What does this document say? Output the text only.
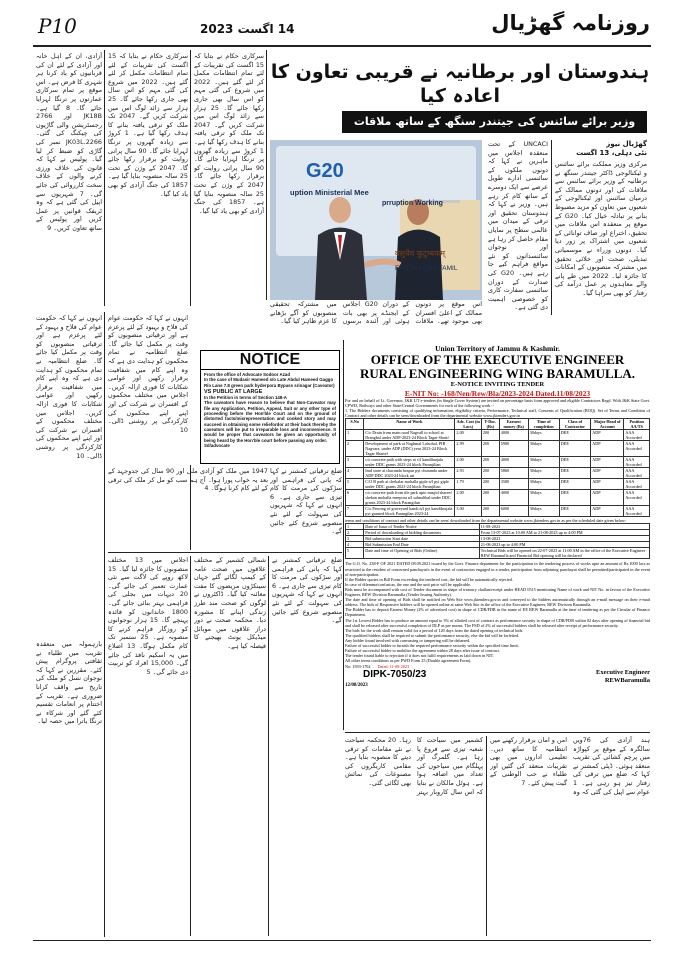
P10	14 اگست 2023	روزنامہ گھڑیال
آزادی، ان کے اہل خانہ اور آزادی کے لئے ان کی قربانیوں کو یاد کرنا ہر شہری کا فرض ہے۔ اس موقع پر تمام سرکاری عمارتوں پر ترنگا لہرایا جائے گا۔ 8 گیا ہے۔ JK18B اور 2766 رجسٹریشن والی گاڑیوں کی چیکنگ کی گئی۔ 2266.JK03L نمبر کی گاڑی کو ضبط کر لیا گیا۔ پولیس نے کہا کہ قانون کی خلاف ورزی کرنے والوں کے خلاف سخت کارروائی کی جائے گی۔ 7 شہریوں سے اپیل کی گئی ہے کہ وہ ٹریفک قوانین پر عمل کریں اور پولیس کے ساتھ تعاون کریں۔ 9
انہوں نے کہا کہ حکومت عوام کی فلاح و بہبود کے لئے پرعزم ہے اور ترقیاتی منصوبوں کو وقت پر مکمل کیا جائے گا۔ ضلع انتظامیہ نے تمام محکموں کو ہدایت دی ہے کہ وہ اپنے کام میں شفافیت برقرار رکھیں اور عوامی شکایات کا فوری ازالہ کریں۔ اجلاس میں مختلف محکموں کے افسران نے شرکت کی اور اپنے اپنے محکموں کی کارکردگی پر روشنی ڈالی۔ 10
بارہمولہ میں منعقدہ تقریب میں طلباء نے ثقافتی پروگرام پیش کئے۔ مقررین نے کہا کہ نوجوان نسل کو ملک کی تاریخ سے واقف کرانا ضروری ہے۔ تقریب کے اختتام پر انعامات تقسیم کئے گئے اور شرکاء نے ترنگا یاترا میں حصہ لیا۔
سرکاری حکام نے بتایا کہ 15 اگست کی تقریبات کے لئے تمام انتظامات مکمل کر لئے گئے ہیں۔ 2022 میں شروع کی گئی مہم کو اس سال بھی جاری رکھا جائے گا۔ 25 ہزار سے زائد لوگ اس میں شرکت کریں گے۔ 2047 تک ملک کو ترقی یافتہ بنانے کا ہدف رکھا گیا ہے۔ 1 کروڑ سے زیادہ گھروں پر ترنگا لہرایا جائے گا۔ 90 سال پرانی روایت کو برقرار رکھا جائے گا۔ 2047 کے وژن کے تحت 25 سالہ منصوبہ بنایا گیا ہے۔ 1857 کی جنگ آزادی کو بھی یاد کیا گیا۔
سرکاری حکام نے بتایا کہ 15 اگست کی تقریبات کے لئے تمام انتظامات مکمل کر لئے گئے ہیں۔ 2022 میں شروع کی گئی مہم کو اس سال بھی جاری رکھا جائے گا۔ 25 ہزار سے زائد لوگ اس میں شرکت کریں گے۔ 2047 تک ملک کو ترقی یافتہ بنانے کا ہدف رکھا گیا ہے۔ 1 کروڑ سے زیادہ گھروں پر ترنگا لہرایا جائے گا۔ 90 سال پرانی روایت کو برقرار رکھا جائے گا۔ 2047 کے وژن کے تحت 25 سالہ منصوبہ بنایا گیا ہے۔ 1857 کی جنگ آزادی کو بھی یاد کیا گیا۔
NOTICE
From the office of Advocate Sodoor Azad
In the case of Mudasir Hameed s/o Late Abdul Hameed Gaggo R/o Lane 7.8 green park hyderpora Bypass srinagar (Caveator)
VS PUBLIC AT LARGE
In the Petition in terms of Section 148-A
The caveators have reason to believe that Non-Caveator may file any Application, Petition, Appeal, Suit or any other type of proceeding before the Hon'ble Court and on the ground of distorted facts/misrepresentation and cooked story and may succeed in obtaining some reliefordor at their back thereby the caveators will be put to irreparable loss and inconvenience. It would be proper that caveators be given an opportunity of being heard by the Hon'ble court before passing any order.
Sd/advocate
انہوں نے کہا کہ حکومت عوام کی فلاح و بہبود کے لئے پرعزم ہے اور ترقیاتی منصوبوں کو وقت پر مکمل کیا جائے گا۔ ضلع انتظامیہ نے تمام محکموں کو ہدایت دی ہے کہ وہ اپنے کام میں شفافیت برقرار رکھیں اور عوامی شکایات کا فوری ازالہ کریں۔ اجلاس میں مختلف محکموں کے افسران نے شرکت کی اور اپنے اپنے محکموں کی کارکردگی پر روشنی ڈالی۔ 10
1947 میں ملک کو آزادی ملی اور 90 سال کی جدوجہد کے بعد یہ خواب پورا ہوا۔ آج ہم سب کو مل کر ملک کی ترقی کے لئے کام کرنا ہوگا۔ 4
ضلع ترقیاتی کمشنر نے کہا کہ پانی کی فراہمی اور سڑکوں کی مرمت کا کام تیزی سے جاری ہے۔ 6 انہوں نے کہا کہ شہریوں کی سہولت کے لئے نئے منصوبے شروع کئے جائیں گے۔
اجلاس میں 13 مختلف منصوبوں کا جائزہ لیا گیا۔ 15 لاکھ روپے کی لاگت سے نئی عمارت تعمیر کی جائے گی۔ 20 دیہات میں بجلی کی فراہمی بہتر بنائی جائے گی۔ 1800 خاندانوں کو فائدہ پہنچے گا۔ 15 ہزار نوجوانوں کو روزگار فراہم کرنے کا منصوبہ ہے۔ 25 ستمبر تک کام مکمل ہوگا۔ 13 اضلاع میں یہ اسکیم نافذ کی جائے گی۔ 15,000 افراد کو تربیت دی جائے گی۔ 5
شمالی کشمیر کے مختلف علاقوں میں صحت عامہ کے کیمپ لگائے گئے جہاں سینکڑوں مریضوں کا مفت معائنہ کیا گیا۔ ڈاکٹروں نے لوگوں کو صحت مند طرز زندگی اپنانے کا مشورہ دیا۔ محکمہ صحت نے دور دراز علاقوں میں موبائل میڈیکل یونٹ بھیجنے کا فیصلہ کیا ہے۔
ضلع ترقیاتی کمشنر نے کہا کہ پانی کی فراہمی اور سڑکوں کی مرمت کا کام تیزی سے جاری ہے۔ 6 انہوں نے کہا کہ شہریوں کی سہولت کے لئے نئے منصوبے شروع کئے جائیں گے۔
ہندوستان اور برطانیہ نے قریبی تعاون کا اعادہ کیا
وزیر برائے سائنس کی جیتندر سنگھ کے ساتھ ملاقات
G20
uption Ministerial Mee
prruption Working
वसुधैव कुटुम्बकम्
EARTH • ONE FAMIL
UNCACI کے تحت منعقدہ اجلاس میں ماہرین نے کہا کہ دونوں ملکوں کے سائنسی ادارے طویل عرصے سے ایک دوسرے کے ساتھ کام کر رہے ہیں۔ وزیر نے کہا کہ ہندوستان تحقیق اور ترقی کے میدان میں عالمی سطح پر نمایاں مقام حاصل کر رہا ہے اور نوجوان سائنسدانوں کو نئے مواقع فراہم کیے جا رہے ہیں۔ G20 کی صدارت کے دوران سائنسی سفارت کاری کو خصوصی اہمیت دی گئی ہے۔
گھڑیال نیوز
نئی دہلی، 13 اگست
مرکزی وزیر مملکت برائے سائنس و ٹیکنالوجی ڈاکٹر جیتندر سنگھ نے برطانیہ کے وزیر برائے سائنس سے ملاقات کی اور دونوں ممالک کے درمیان سائنس اور ٹیکنالوجی کے شعبوں میں تعاون کو مزید مضبوط بنانے پر تبادلہ خیال کیا۔ G20 کے موقع پر منعقدہ اس ملاقات میں تحقیق، اختراع اور صاف توانائی کے شعبوں میں اشتراک پر زور دیا گیا۔ دونوں وزراء نے موسمیاتی تبدیلی، صحت اور خلائی تحقیق میں مشترکہ منصوبوں کے امکانات کا جائزہ لیا۔ 2022 میں طے پانے والے معاہدوں پر عمل درآمد کی رفتار کو بھی سراہا گیا۔
اس موقع پر دونوں ممالک کے اعلیٰ افسران بھی موجود تھے۔ ملاقات کے دوران G20 اجلاس کے ایجنڈے پر بھی بات ہوئی اور آئندہ برسوں میں مشترکہ تحقیقی منصوبوں کو آگے بڑھانے کا عزم ظاہر کیا گیا۔
Union Territory of Jammu & Kashmir.
OFFICE OF THE EXECUTIVE ENGINEER
RURAL ENGINEERING WING BARAMULLA.
E-NOTICE INVITING TENDER
E-NIT No: -168/Nen/Rew/Bla/2023-2024 Dated.11/08/2023
For and on behalf of Lt. Governor, J&K UT e-tenders (in Single Cover System) are invited on percentage basis from approved and eligible Contractors Regd. With J&K State Govt. CPWD, Railways and other State/Central Governments for each of the following work :-
1. The Bidders documents consisting of qualifying information, eligibility criteria, Performance, Technical staff, Consents of Qualification (BOQ). Set of Terms and Condition of Contract and other details can be seen/downloaded from the departmental website www.jktenders.gov.in
S.No	Name of Work	Adv. Cost (in Lacs)	T-Doc. (Rs)	Earnest money (Rs)	Time of completion	Class of Contractor	Major Head of Account	Position AA/TS
1	C/o Drain from main road Nagvall to school at Drangbal under ADP-2023-24 Block Tagar Sharif	2.00	200	4000	30days	DEE	ADP	AAA Accorded
2	Development of park at Naghmal Lalsohal, PIR Nagvara, under ADP (DDC) year 2023-24 Block Tagar Sharief	2.99	200	5980	30days	DEE	ADP	AAA Accorded
3	c/o concrete path with steps at v/l kandibarjala under DDC grants 2023-24 block Paranjilian	2.00	200	4000	30days	DEE	ADP	AAA Accorded
4	Imd store at churanda hospur pyi churanda under ADP DDC 2023-24 block uri	2.93	200	5860	30days	DEE	ADP	AAA Accorded
5	C/O B path at chekalar mohalla giple n/l pyi giple under DDC grants 2023-24 block Paranjilian	1.79	200	3580	30days	DEE	ADP	AAA Accorded
6	c/o concrete path from tile park upto masjid shareef shekan mohalla meepora n/l sahnalibal under DDC grants 2023-24 block Parangilan	2.00	200	4000	30days	DEE	ADP	AAA Accorded
7	C/o Fencing of graveyard kandi n/l pyi kandiborjala pyi granted block Parangilan 2023-24	3.00	200	6000	30days	DEE	ADP	AAA Accorded
terms and conditions of contract and other details can be seen/ downloaded from the departmental website www.jktenders.gov.in as per the scheduled date given below:
1	Date of Issue of Tender Notice	11-08-2023
2	Period of downloading of bidding documents	From 13-07-2023 at 10:00 AM to 21-08-2023 up to 4:00 PM
3	Bid submission Start date	13-08-2023
4	Bid Submission End Date	21-08-2023 up to 4:00 PM
5	Date and time of Opening of Bids (Online)	Technical Bids will be opened on 22-07-2023 at 11:00 AM in the office of the Executive Engineer REW Baramulla and Financial Bid opening will be declared
The G.O. No. 238-F OF 2021 DATED 08.09.2021 issued by the Govt. Finance department for the participation in the tendering process of works upto an amount of Rs.1000 lacs as restricted to the resident of concerned panchayat/s in the event of contractors engaged in a tender, participation from adjoining panchayat shall be permitted/participated in the event of non-participation.
If the Bidder quotes in Bill Form exceeding the tendered cost, the bid will be automatically rejected.
In case of dilemma/confusion, the one and the unit price will be applicable.
Bids must be accompanied with cost of Tender document in shape of treasury challan/receipt under HEAD 0515 mentioning Name of work and NIT No. in favour of the Executive Engineer, REW Division Baramulla (Tender Issuing Authority).
The date and time of opening of Bids shall be notified on Web Site www.jktenders.gov.in and conveyed to the bidders automatically through an e-mail message on their e-mail address. The bids of Responsive bidders will be opened online at same Web Site in the office of the Executive Engineer, REW Division Baramulla.
The Bidder has to deposit Earnest Money (2% of advertised cost) in shape of CDR/FDR in the name of EE REW Baramulla at the time of tendering as per the Circular of Finance Department.
The 1st Lowest Bidder has to produce an amount equal to 3% of allotted cost of contract as performance security in shape of CDR/FDR within 02 days after opening of financial bid and shall be released after successful completion of DLP as per norms. The FSD of 2% of successful bidders shall be released after receipt of performance security.
The bids for the work shall remain valid for a period of 120 days from the dated opening of technical bids.
The qualified bidders shall be required to submit the performance security, else the bid will be forfeited.
Any bidder found involved with canvassing or tampering will be debarred.
Failure of successful bidder to furnish the required performance security within the specified time limit.
Failure of successful bidder to mobilise the agreement within 28 days after issue of contract.
The tender found liable to rejection if it does not fulfil requirements as laid down in NIT.
All other terms conditions as per PWD Form 25 (Double agreement Form).
No: 1593-1702 Dated: 11-08-2023
DIPK-7050/23
12/08/2023
Executive Engineer
REWBaramulla
کشمیر میں سیاحت کا شعبہ تیزی سے فروغ پا رہا ہے۔ گلمرگ اور پہلگام میں سیاحوں کی تعداد میں اضافہ ہوا ہے۔ ہوٹل مالکان نے بتایا کہ اس سال کاروبار بہتر رہا۔ 20 محکمہ سیاحت نے نئے مقامات کو ترقی دینے کا منصوبہ بنایا ہے۔ مقامی کاریگروں کی مصنوعات کی نمائش بھی لگائی گئی۔
ہند آزادی کی 76ویں سالگرہ کے موقع پر کپواڑہ میں پرچم کشائی کی تقریب منعقد ہوئی۔ ڈپٹی کمشنر نے کہا کہ ضلع میں ترقی کی رفتار تیز ہو رہی ہے۔ 1 عوام سے اپیل کی گئی کہ وہ امن و امان برقرار رکھنے میں انتظامیہ کا ساتھ دیں۔ تعلیمی اداروں میں بھی تقریبات منعقد کی گئیں اور طلباء نے حب الوطنی کے گیت پیش کئے۔ 7
